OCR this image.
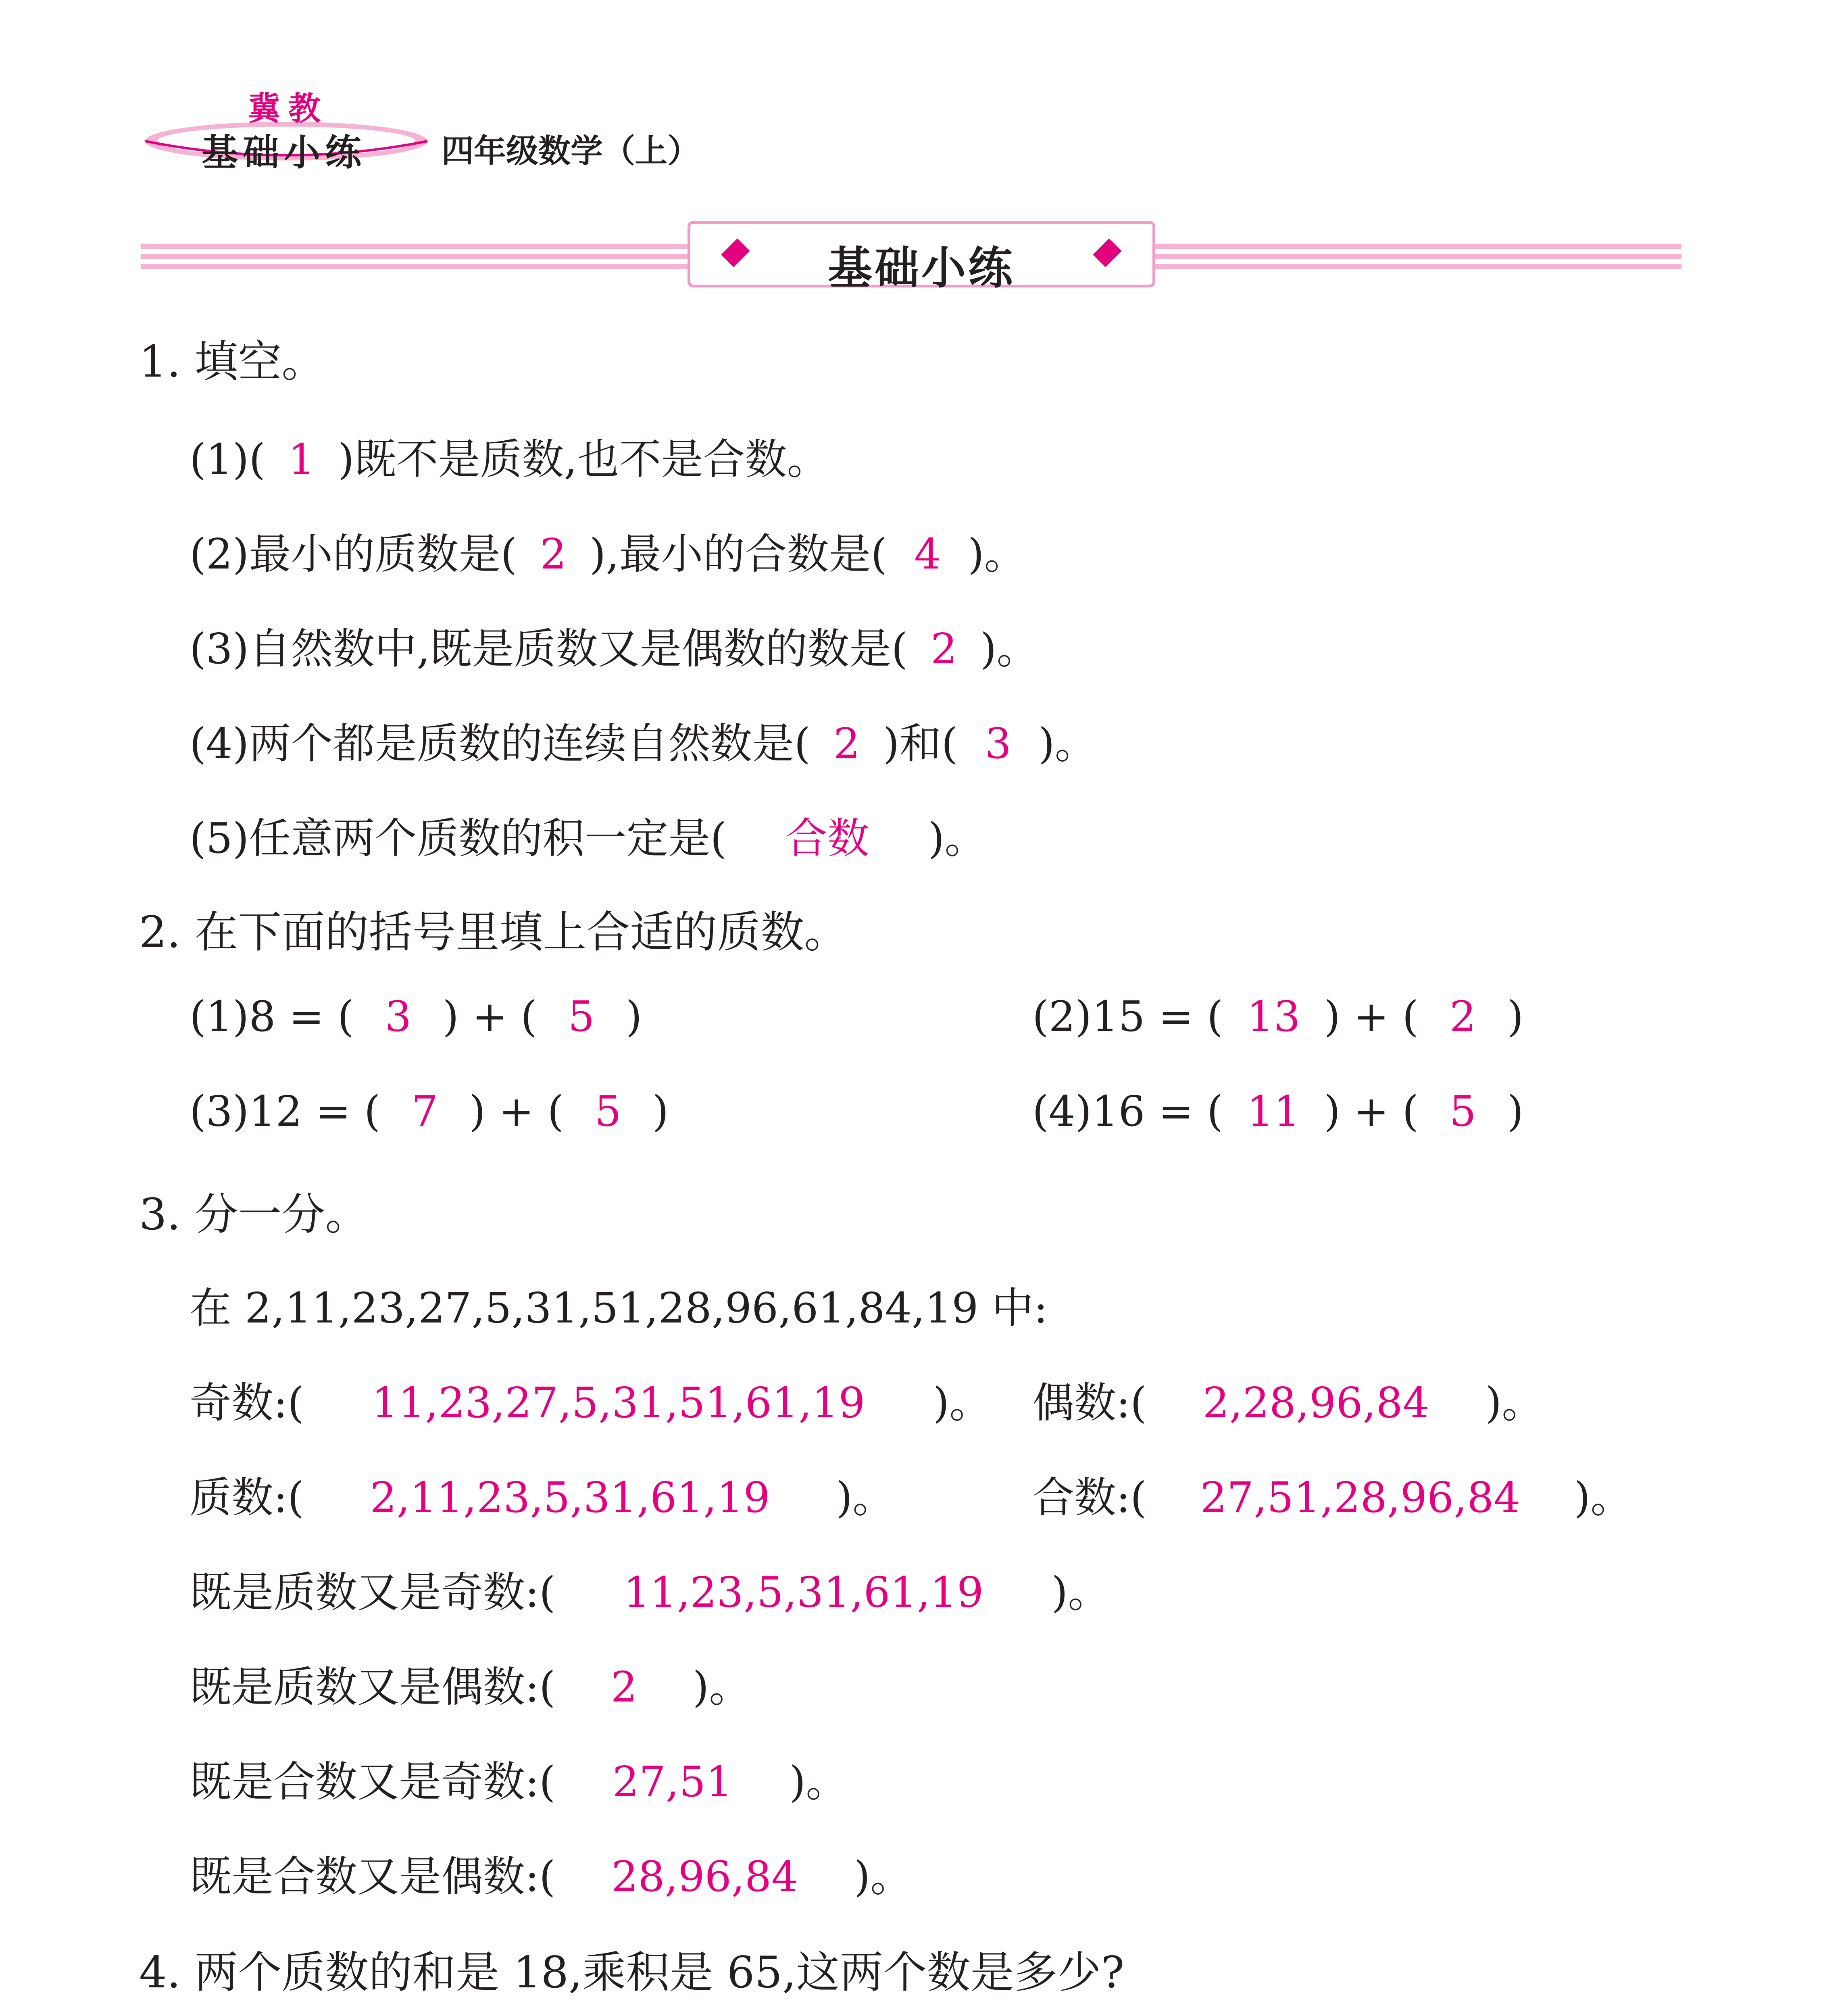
冀教
基础小练 四年级数学（上）
基础小练
1. 填空。
(1)( 1 )既不是质数,也不是合数。
(2)最小的质数是( 2 ),最小的合数是( 4 )。
(3)自然数中,既是质数又是偶数的数是( 2 )。
(4)两个都是质数的连续自然数是( 2 )和( 3 )。
(5)任意两个质数的积一定是( 合数 )。
2. 在下面的括号里填上合适的质数。
(1)8 = ( 3 ) + ( 5 )	(2)15 = ( 13 ) + ( 2 )
(3)12 = ( 7 ) + ( 5 )	(4)16 = ( 11 ) + ( 5 )
3. 分一分。
在 2,11,23,27,5,31,51,28,96,61,84,19 中:
奇数:( 11,23,27,5,31,51,61,19 )。 偶数:( 2,28,96,84 )。
质数:( 2,11,23,5,31,61,19 )。	合数:( 27,51,28,96,84 )。
既是质数又是奇数:( 11,23,5,31,61,19 )。
既是质数又是偶数:( 2 )。
既是合数又是奇数:( 27,51 )。
既是合数又是偶数:( 28,96,84 )。
4. 两个质数的和是 18,乘积是 65,这两个数是多少?
